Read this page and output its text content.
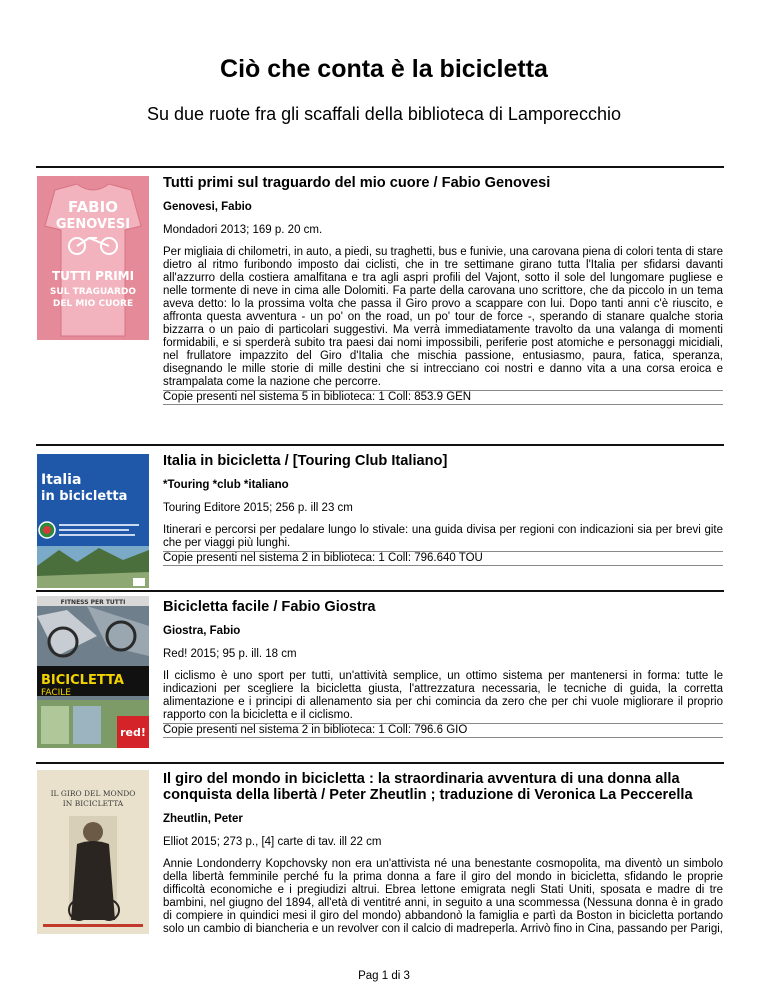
Ciò che conta è la bicicletta
Su due ruote fra gli scaffali della biblioteca di Lamporecchio
FABIO
GENOVESI
TUTTI PRIMI
SUL TRAGUARDO
DEL MIO CUORE
Tutti primi sul traguardo del mio cuore / Fabio Genovesi
Genovesi, Fabio
Mondadori 2013; 169 p. 20 cm.
Per migliaia di chilometri, in auto, a piedi, su traghetti, bus e funivie, una carovana piena di colori tenta di stare dietro al ritmo furibondo imposto dai ciclisti, che in tre settimane girano tutta l'Italia per sfidarsi davanti all'azzurro della costiera amalfitana e tra agli aspri profili del Vajont, sotto il sole del lungomare pugliese e nelle tormente di neve in cima alle Dolomiti. Fa parte della carovana uno scrittore, che da piccolo in un tema aveva detto: lo la prossima volta che passa il Giro provo a scappare con lui. Dopo tanti anni c'è riuscito, e affronta questa avventura - un po' on the road, un po' tour de force -, sperando di stanare qualche storia bizzarra o un paio di particolari suggestivi. Ma verrà immediatamente travolto da una valanga di momenti formidabili, e si sperderà subito tra paesi dai nomi impossibili, periferie post atomiche e personaggi micidiali, nel frullatore impazzito del Giro d'Italia che mischia passione, entusiasmo, paura, fatica, speranza, disegnando le mille storie di mille destini che si intrecciano coi nostri e danno vita a una corsa eroica e strampalata come la nazione che percorre.
Copie presenti nel sistema 5 in biblioteca: 1 Coll: 853.9 GEN
Italia
in bicicletta
Italia in bicicletta / [Touring Club Italiano]
*Touring *club *italiano
Touring Editore 2015; 256 p. ill 23 cm
Itinerari e percorsi per pedalare lungo lo stivale: una guida divisa per regioni con indicazioni sia per brevi gite che per viaggi più lunghi.
Copie presenti nel sistema 2 in biblioteca: 1 Coll: 796.640 TOU
FITNESS PER TUTTI
BICICLETTA
FACILE
red!
Bicicletta facile / Fabio Giostra
Giostra, Fabio
Red! 2015; 95 p. ill. 18 cm
Il ciclismo è uno sport per tutti, un'attività semplice, un ottimo sistema per mantenersi in forma: tutte le indicazioni per scegliere la bicicletta giusta, l'attrezzatura necessaria, le tecniche di guida, la corretta alimentazione e i principi di allenamento sia per chi comincia da zero che per chi vuole migliorare il proprio rapporto con la bicicletta e il ciclismo.
Copie presenti nel sistema 2 in biblioteca: 1 Coll: 796.6 GIO
IL GIRO DEL MONDO
IN BICICLETTA
Il giro del mondo in bicicletta : la straordinaria avventura di una donna alla conquista della libertà / Peter Zheutlin ; traduzione di Veronica La Peccerella
Zheutlin, Peter
Elliot 2015; 273 p., [4] carte di tav. ill 22 cm
Annie Londonderry Kopchovsky non era un'attivista né una benestante cosmopolita, ma diventò un simbolo della libertà femminile perché fu la prima donna a fare il giro del mondo in bicicletta, sfidando le proprie difficoltà economiche e i pregiudizi altrui. Ebrea lettone emigrata negli Stati Uniti, sposata e madre di tre bambini, nel giugno del 1894, all'età di ventitré anni, in seguito a una scommessa (Nessuna donna è in grado di compiere in quindici mesi il giro del mondo) abbandonò la famiglia e partì da Boston in bicicletta portando solo un cambio di biancheria e un revolver con il calcio di madreperla. Arrivò fino in Cina, passando per Parigi,
Pag 1 di 3
